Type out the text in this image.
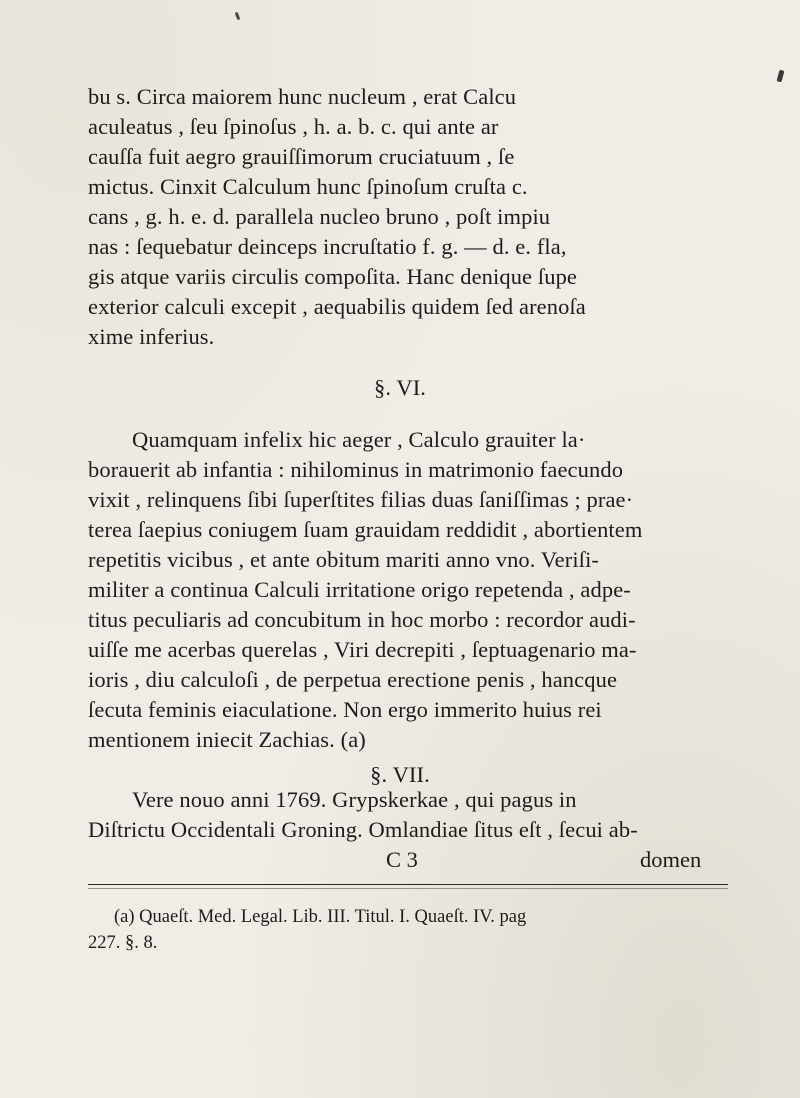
bu s. Circa maiorem hunc nucleum , erat Calcu
aculeatus , ſeu ſpinoſus , h. a. b. c. qui ante ar
cauſſa fuit aegro grauiſſimorum cruciatuum , ſe
mictus. Cinxit Calculum hunc ſpinoſum cruſta c.
cans , g. h. e. d. parallela nucleo bruno , poſt impiu
nas : ſequebatur deinceps incruſtatio f. g. — d. e. fla,
gis atque variis circulis compoſita. Hanc denique ſupe
exterior calculi excepit , aequabilis quidem ſed arenoſa
xime inferius.
§. VI.
Quamquam infelix hic aeger , Calculo grauiter la·
borauerit ab infantia : nihilominus in matrimonio faecundo
vixit , relinquens ſibi ſuperſtites filias duas ſaniſſimas ; prae·
terea ſaepius coniugem ſuam grauidam reddidit , abortientem
repetitis vicibus , et ante obitum mariti anno vno. Veriſi-
militer a continua Calculi irritatione origo repetenda , adpe-
titus peculiaris ad concubitum in hoc morbo : recordor audi-
uiſſe me acerbas querelas , Viri decrepiti , ſeptuagenario ma-
ioris , diu calculoſi , de perpetua erectione penis , hancque
ſecuta feminis eiaculatione. Non ergo immerito huius rei
mentionem iniecit Zachias. (a)
§. VII.
Vere nouo anni 1769. Grypskerkae , qui pagus in
Diſtrictu Occidentali Groning. Omlandiae ſitus eſt , ſecui ab-
C 3	domen
(a) Quaeſt. Med. Legal. Lib. III. Titul. I. Quaeſt. IV. pag
227. §. 8.
